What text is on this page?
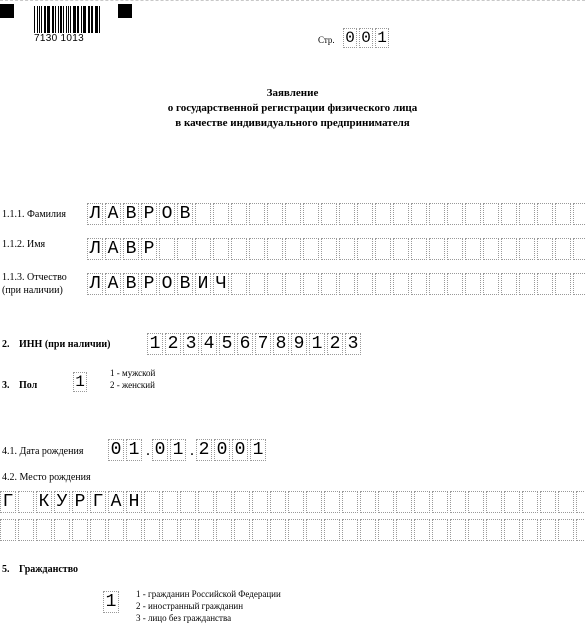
7130 1013	Стр. 0 0 1
Заявление
о государственной регистрации физического лица
в качестве индивидуального предпринимателя
1.1.1. Фамилия Л А В Р О В
1.1.2. Имя Л А В Р
1.1.3. Отчество
(при наличии) Л А В Р О В И Ч
2. ИНН (при наличии) 1 2 3 4 5 6 7 8 9 1 2 3
3. Пол 1	1 - мужской
2 - женский
4.1. Дата рождения 0 1 . 0 1 . 2 0 0 1
4.2. Место рождения
Г К У Р Г А Н
5. Гражданство
1 1 - гражданин Российской Федерации
2 - иностранный гражданин
3 - лицо без гражданства
